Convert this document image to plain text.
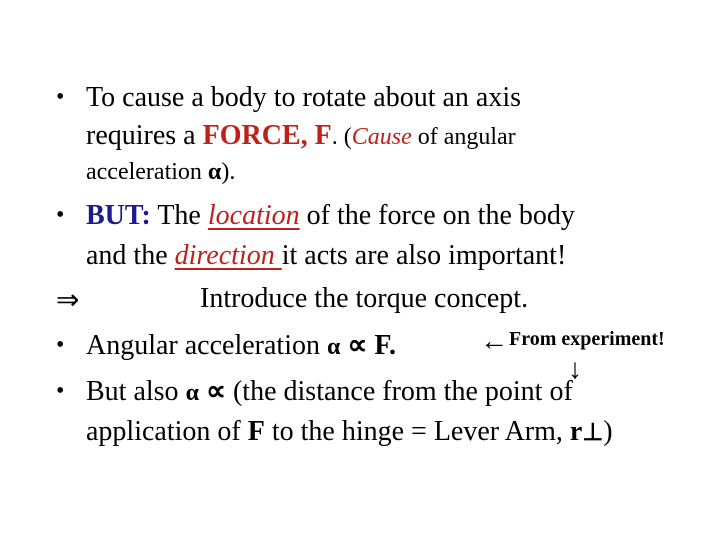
• To cause a body to rotate about an axis
requires a FORCE, F. (Cause of angular
acceleration α).
• BUT: The location of the force on the body
and the direction it acts are also important!
⇒	Introduce the torque concept.
• Angular acceleration α ∝ F.	← From experiment!
↓
• But also α ∝ (the distance from the point of
application of F to the hinge = Lever Arm, r⊥)
